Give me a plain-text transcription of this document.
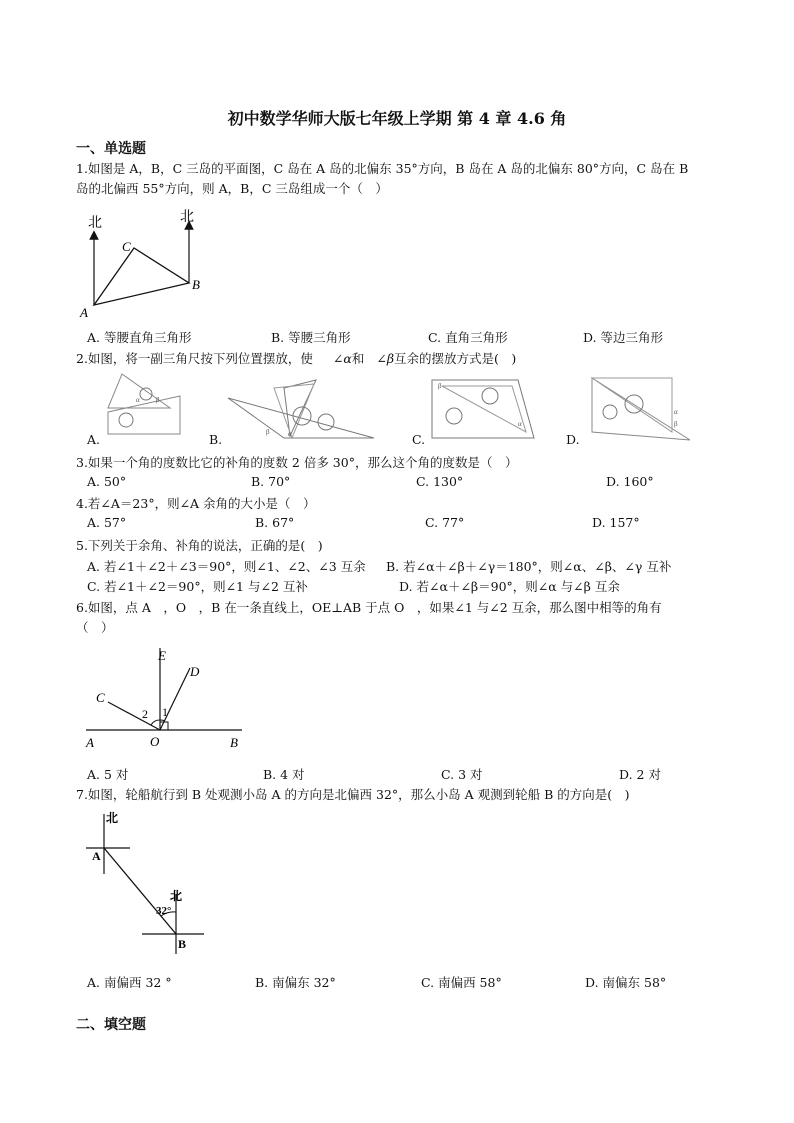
初中数学华师大版七年级上学期 第 4 章 4.6 角
一、单选题
1.如图是 A，B，C 三岛的平面图，C 岛在 A 岛的北偏东 35°方向，B 岛在 A 岛的北偏东 80°方向，C 岛在 B
岛的北偏西 55°方向，则 A，B，C 三岛组成一个（　）
北	北
C
B
A
A. 等腰直角三角形	B. 等腰三角形	C. 直角三角形	D. 等边三角形
2.如图，将一副三角尺按下列位置摆放，使 ∠α和 ∠β互余的摆放方式是(　)
α β
A.	β	α
B.
β
α
C.
α
β
D.
3.如果一个角的度数比它的补角的度数 2 倍多 30°，那么这个角的度数是（　）
A. 50°	B. 70°	C. 130°	D. 160°
4.若∠A＝23°，则∠A 余角的大小是（　）
A. 57°	B. 67°	C. 77°	D. 157°
5.下列关于余角、补角的说法，正确的是(　)
A. 若∠1＋∠2＋∠3＝90°，则∠1、∠2、∠3 互余 B. 若∠α＋∠β＋∠γ＝180°，则∠α、∠β、∠γ 互补
C. 若∠1＋∠2＝90°，则∠1 与∠2 互补	D. 若∠α＋∠β＝90°，则∠α 与∠β 互余
6.如图，点 A　，O　，B 在一条直线上，OE⊥AB 于点 O　，如果∠1 与∠2 互余，那么图中相等的角有
（　）
E
D
C
1
2
A	O	B
A. 5 对	B. 4 对	C. 3 对	D. 2 对
7.如图，轮船航行到 B 处观测小岛 A 的方向是北偏西 32°，那么小岛 A 观测到轮船 B 的方向是(　)
北
北
A
B
32°
A. 南偏西 32 °	B. 南偏东 32°	C. 南偏西 58°	D. 南偏东 58°
二、填空题
